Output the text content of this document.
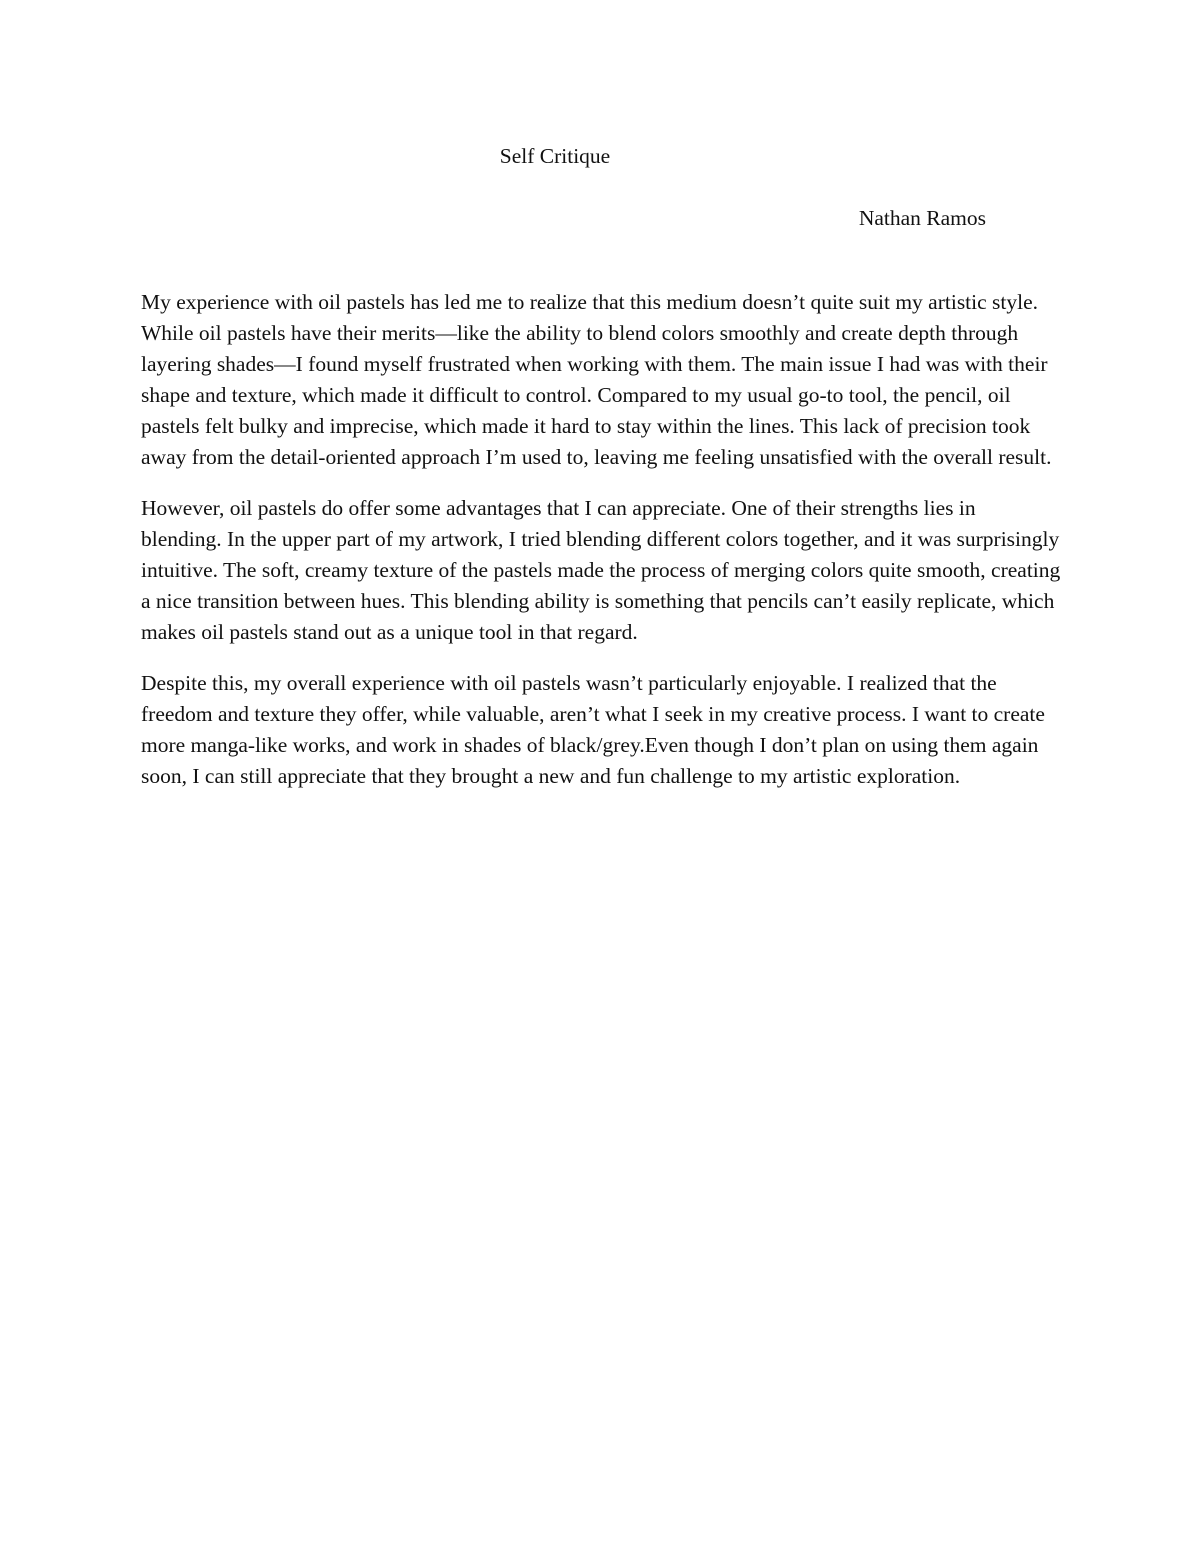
Self Critique

Nathan Ramos

My experience with oil pastels has led me to realize that this medium doesn’t quite suit my artistic style. While oil pastels have their merits—like the ability to blend colors smoothly and create depth through layering shades—I found myself frustrated when working with them. The main issue I had was with their shape and texture, which made it difficult to control. Compared to my usual go-to tool, the pencil, oil pastels felt bulky and imprecise, which made it hard to stay within the lines. This lack of precision took away from the detail-oriented approach I’m used to, leaving me feeling unsatisfied with the overall result.

However, oil pastels do offer some advantages that I can appreciate. One of their strengths lies in blending. In the upper part of my artwork, I tried blending different colors together, and it was surprisingly intuitive. The soft, creamy texture of the pastels made the process of merging colors quite smooth, creating a nice transition between hues. This blending ability is something that pencils can’t easily replicate, which makes oil pastels stand out as a unique tool in that regard.

Despite this, my overall experience with oil pastels wasn’t particularly enjoyable. I realized that the freedom and texture they offer, while valuable, aren’t what I seek in my creative process. I want to create more manga-like works, and work in shades of black/grey.Even though I don’t plan on using them again soon, I can still appreciate that they brought a new and fun challenge to my artistic exploration.
